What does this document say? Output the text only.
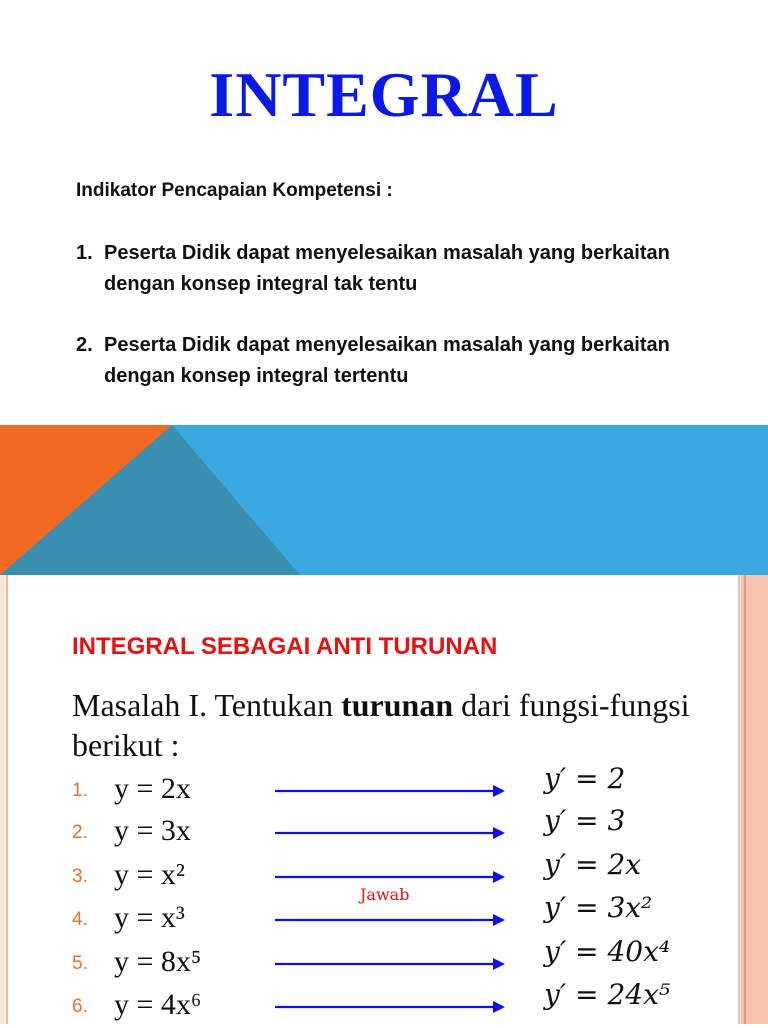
INTEGRAL
Indikator Pencapaian Kompetensi :
1. Peserta Didik dapat menyelesaikan masalah yang berkaitan dengan konsep integral tak tentu
2. Peserta Didik dapat menyelesaikan masalah yang berkaitan dengan konsep integral tertentu
INTEGRAL SEBAGAI ANTI TURUNAN
Masalah I. Tentukan turunan dari fungsi-fungsi berikut :
1. y = 2x	y′ = 2
2. y = 3x	y′ = 3
3. y = x²	y′ = 2x
Jawab
4. y = x³	y′ = 3x²
5. y = 8x⁵	y′ = 40x⁴
6. y = 4x⁶	y′ = 24x⁵
